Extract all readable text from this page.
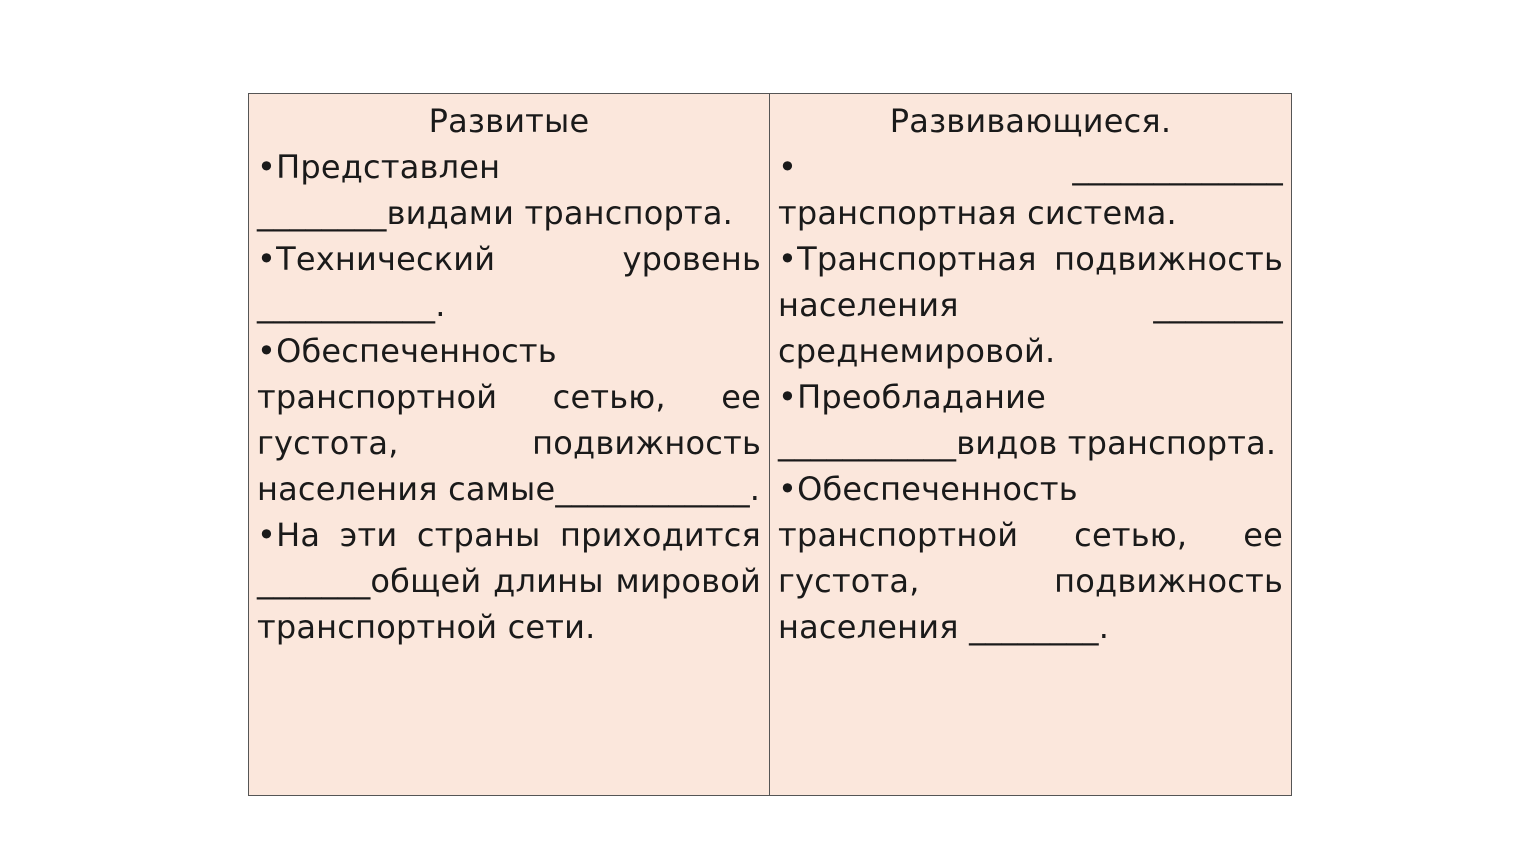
Развитые

•Представлен ________видами транспорта.

•Технический уровень ___________.

•Обеспеченность транспортной сетью, ее густота, подвижность населения самые____________.

•На эти страны приходится _______общей длины мировой транспортной сети.

Развивающиеся.

•    _____________ транспортная система.

•Транспортная подвижность населения ________ среднемировой.

•Преобладание ___________видов транспорта.

•Обеспеченность транспортной сетью, ее густота, подвижность населения ________.
